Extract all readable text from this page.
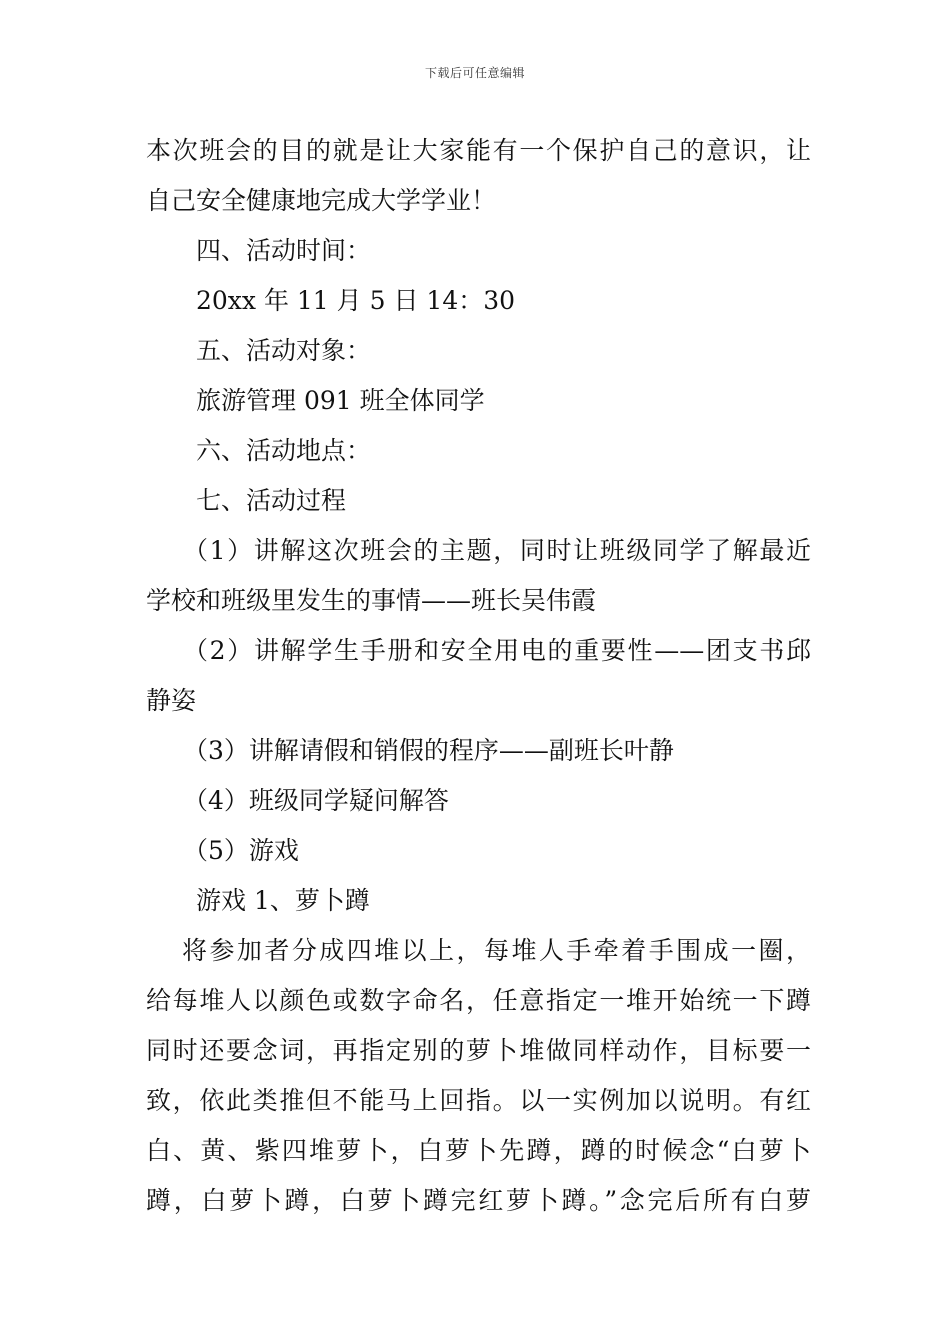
下载后可任意编辑
本次班会的目的就是让大家能有一个保护自己的意识，让
自己安全健康地完成大学学业！
四、活动时间：
20xx 年 11 月 5 日 14：30
五、活动对象：
旅游管理 091 班全体同学
六、活动地点：
七、活动过程
（1）讲解这次班会的主题，同时让班级同学了解最近
学校和班级里发生的事情——班长吴伟霞
（2）讲解学生手册和安全用电的重要性——团支书邱
静姿
（3）讲解请假和销假的程序——副班长叶静
（4）班级同学疑问解答
（5）游戏
游戏 1、萝卜蹲
将参加者分成四堆以上，每堆人手牵着手围成一圈，
给每堆人以颜色或数字命名，任意指定一堆开始统一下蹲
同时还要念词，再指定别的萝卜堆做同样动作，目标要一
致，依此类推但不能马上回指。以一实例加以说明。有红
白、黄、紫四堆萝卜，白萝卜先蹲，蹲的时候念“白萝卜
蹲，白萝卜蹲，白萝卜蹲完红萝卜蹲。”念完后所有白萝
